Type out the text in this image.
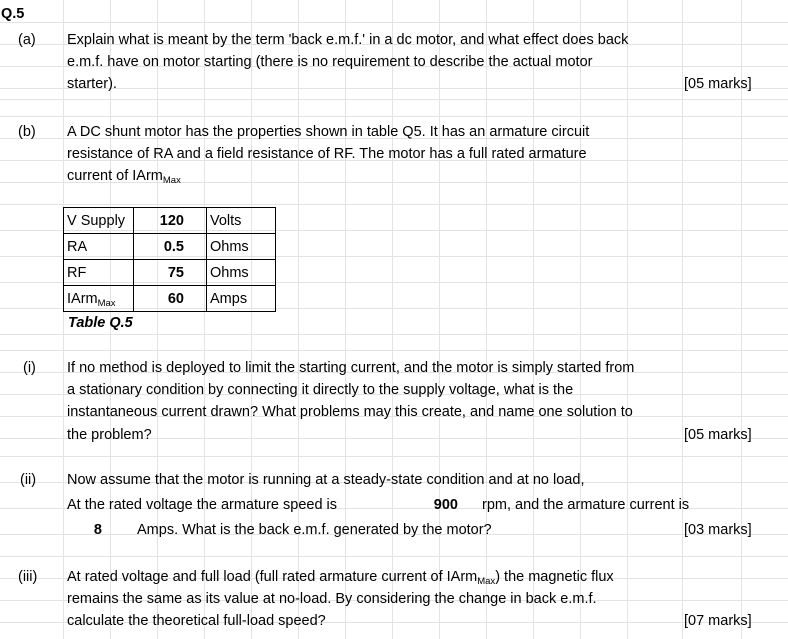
Q.5
(a) Explain what is meant by the term 'back e.m.f.' in a dc motor, and what effect does back
e.m.f. have on motor starting (there is no requirement to describe the actual motor
starter).	[05 marks]
(b) A DC shunt motor has the properties shown in table Q5. It has an armature circuit
resistance of RA and a field resistance of RF. The motor has a full rated armature
current of IArm$_{Max}$
V Supply	120	Volts
RA	0.5	Ohms
RF	75	Ohms
IArm$_{Max}$	60	Amps
Table Q.5
(i) If no method is deployed to limit the starting current, and the motor is simply started from
a stationary condition by connecting it directly to the supply voltage, what is the
instantaneous current drawn? What problems may this create, and name one solution to
the problem?	[05 marks]
(ii) Now assume that the motor is running at a steady-state condition and at no load,
At the rated voltage the armature speed is	900 rpm, and the armature current is
8 Amps. What is the back e.m.f. generated by the motor?	[03 marks]
(iii) At rated voltage and full load (full rated armature current of IArm$_{Max}$) the magnetic flux
remains the same as its value at no-load. By considering the change in back e.m.f.
calculate the theoretical full-load speed?	[07 marks]
